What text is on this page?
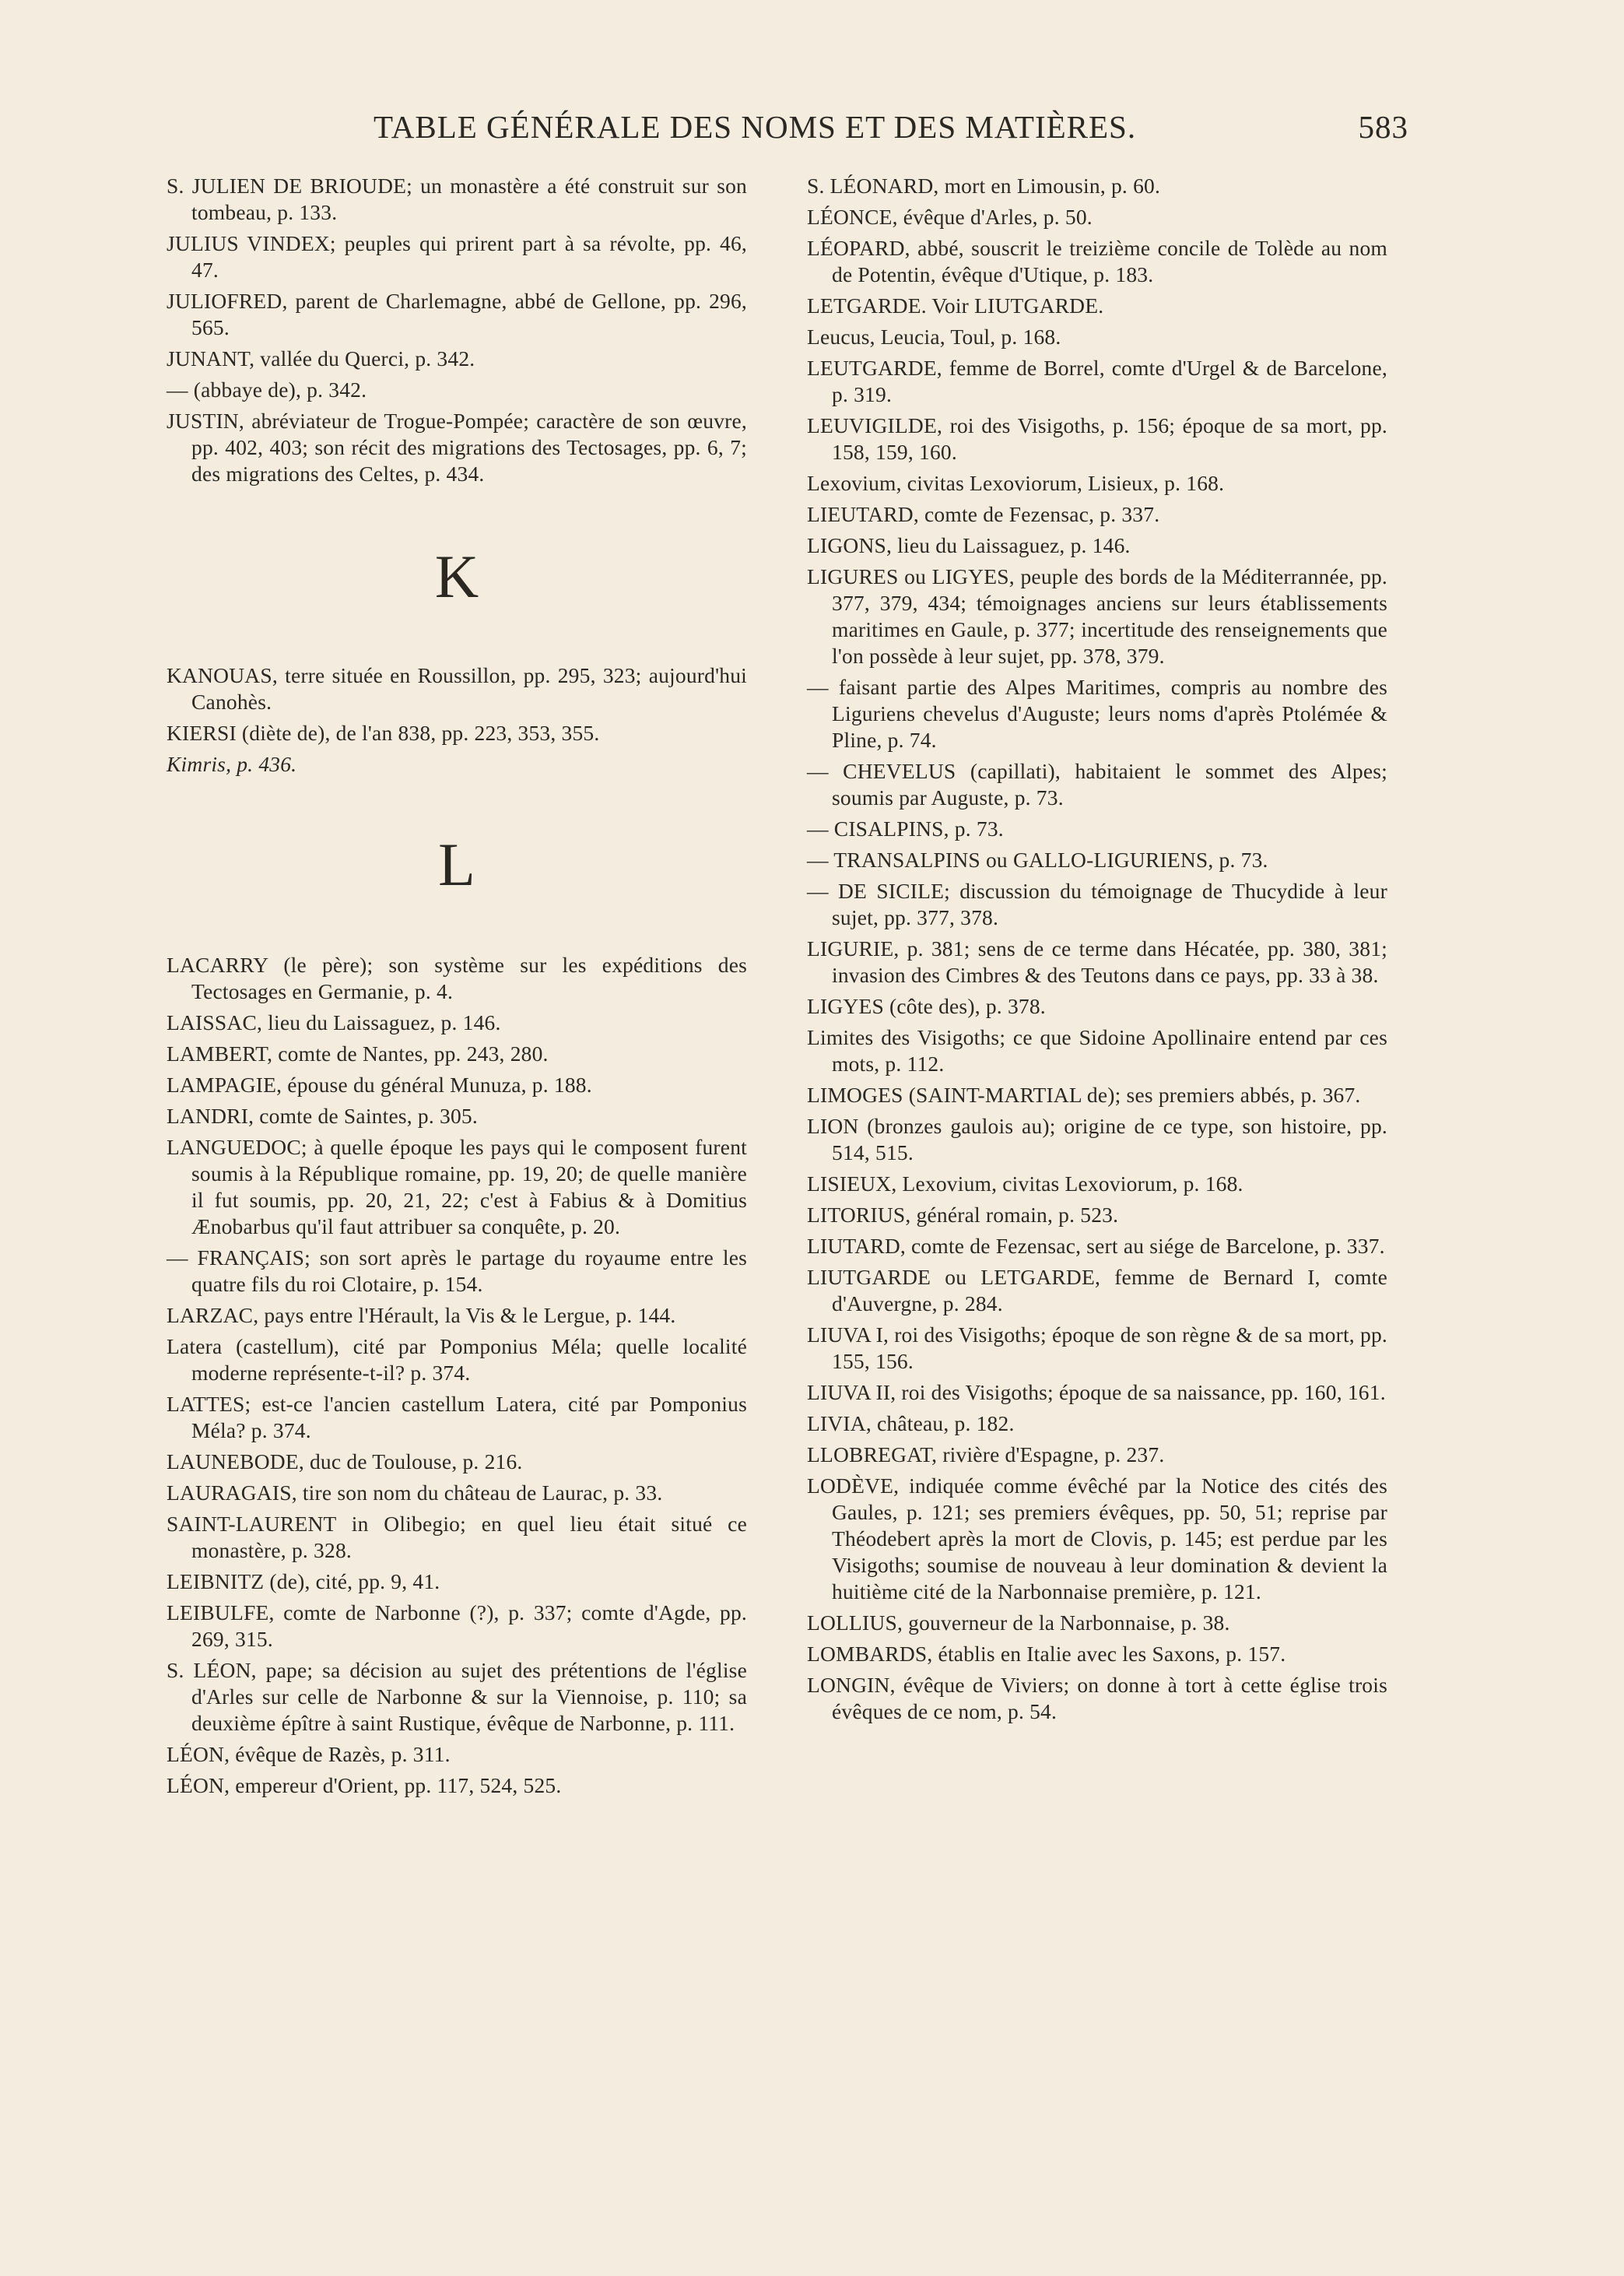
TABLE GÉNÉRALE DES NOMS ET DES MATIÈRES.	583
S. JULIEN DE BRIOUDE; un monastère a été construit sur son tombeau, p. 133.
JULIUS VINDEX; peuples qui prirent part à sa révolte, pp. 46, 47.
JULIOFRED, parent de Charlemagne, abbé de Gellone, pp. 296, 565.
JUNANT, vallée du Querci, p. 342.
— (abbaye de), p. 342.
JUSTIN, abréviateur de Trogue-Pompée; caractère de son œuvre, pp. 402, 403; son récit des migrations des Tectosages, pp. 6, 7; des migrations des Celtes, p. 434.
K
KANOUAS, terre située en Roussillon, pp. 295, 323; aujourd'hui Canohès.
KIERSI (diète de), de l'an 838, pp. 223, 353, 355.
Kimris, p. 436.
L
LACARRY (le père); son système sur les expéditions des Tectosages en Germanie, p. 4.
LAISSAC, lieu du Laissaguez, p. 146.
LAMBERT, comte de Nantes, pp. 243, 280.
LAMPAGIE, épouse du général Munuza, p. 188.
LANDRI, comte de Saintes, p. 305.
LANGUEDOC; à quelle époque les pays qui le composent furent soumis à la République romaine, pp. 19, 20; de quelle manière il fut soumis, pp. 20, 21, 22; c'est à Fabius & à Domitius Ænobarbus qu'il faut attribuer sa conquête, p. 20.
— FRANÇAIS; son sort après le partage du royaume entre les quatre fils du roi Clotaire, p. 154.
LARZAC, pays entre l'Hérault, la Vis & le Lergue, p. 144.
Latera (castellum), cité par Pomponius Méla; quelle localité moderne représente-t-il? p. 374.
LATTES; est-ce l'ancien castellum Latera, cité par Pomponius Méla? p. 374.
LAUNEBODE, duc de Toulouse, p. 216.
LAURAGAIS, tire son nom du château de Laurac, p. 33.
SAINT-LAURENT in Olibegio; en quel lieu était situé ce monastère, p. 328.
LEIBNITZ (de), cité, pp. 9, 41.
LEIBULFE, comte de Narbonne (?), p. 337; comte d'Agde, pp. 269, 315.
S. LÉON, pape; sa décision au sujet des prétentions de l'église d'Arles sur celle de Narbonne & sur la Viennoise, p. 110; sa deuxième épître à saint Rustique, évêque de Narbonne, p. 111.
LÉON, évêque de Razès, p. 311.
LÉON, empereur d'Orient, pp. 117, 524, 525.
S. LÉONARD, mort en Limousin, p. 60.
LÉONCE, évêque d'Arles, p. 50.
LÉOPARD, abbé, souscrit le treizième concile de Tolède au nom de Potentin, évêque d'Utique, p. 183.
LETGARDE. Voir LIUTGARDE.
Leucus, Leucia, Toul, p. 168.
LEUTGARDE, femme de Borrel, comte d'Urgel & de Barcelone, p. 319.
LEUVIGILDE, roi des Visigoths, p. 156; époque de sa mort, pp. 158, 159, 160.
Lexovium, civitas Lexoviorum, Lisieux, p. 168.
LIEUTARD, comte de Fezensac, p. 337.
LIGONS, lieu du Laissaguez, p. 146.
LIGURES ou LIGYES, peuple des bords de la Méditerrannée, pp. 377, 379, 434; témoignages anciens sur leurs établissements maritimes en Gaule, p. 377; incertitude des renseignements que l'on possède à leur sujet, pp. 378, 379.
— faisant partie des Alpes Maritimes, compris au nombre des Liguriens chevelus d'Auguste; leurs noms d'après Ptolémée & Pline, p. 74.
— CHEVELUS (capillati), habitaient le sommet des Alpes; soumis par Auguste, p. 73.
— CISALPINS, p. 73.
— TRANSALPINS ou GALLO-LIGURIENS, p. 73.
— DE SICILE; discussion du témoignage de Thucydide à leur sujet, pp. 377, 378.
LIGURIE, p. 381; sens de ce terme dans Hécatée, pp. 380, 381; invasion des Cimbres & des Teutons dans ce pays, pp. 33 à 38.
LIGYES (côte des), p. 378.
Limites des Visigoths; ce que Sidoine Apollinaire entend par ces mots, p. 112.
LIMOGES (SAINT-MARTIAL de); ses premiers abbés, p. 367.
LION (bronzes gaulois au); origine de ce type, son histoire, pp. 514, 515.
LISIEUX, Lexovium, civitas Lexoviorum, p. 168.
LITORIUS, général romain, p. 523.
LIUTARD, comte de Fezensac, sert au siége de Barcelone, p. 337.
LIUTGARDE ou LETGARDE, femme de Bernard I, comte d'Auvergne, p. 284.
LIUVA I, roi des Visigoths; époque de son règne & de sa mort, pp. 155, 156.
LIUVA II, roi des Visigoths; époque de sa naissance, pp. 160, 161.
LIVIA, château, p. 182.
LLOBREGAT, rivière d'Espagne, p. 237.
LODÈVE, indiquée comme évêché par la Notice des cités des Gaules, p. 121; ses premiers évêques, pp. 50, 51; reprise par Théodebert après la mort de Clovis, p. 145; est perdue par les Visigoths; soumise de nouveau à leur domination & devient la huitième cité de la Narbonnaise première, p. 121.
LOLLIUS, gouverneur de la Narbonnaise, p. 38.
LOMBARDS, établis en Italie avec les Saxons, p. 157.
LONGIN, évêque de Viviers; on donne à tort à cette église trois évêques de ce nom, p. 54.
